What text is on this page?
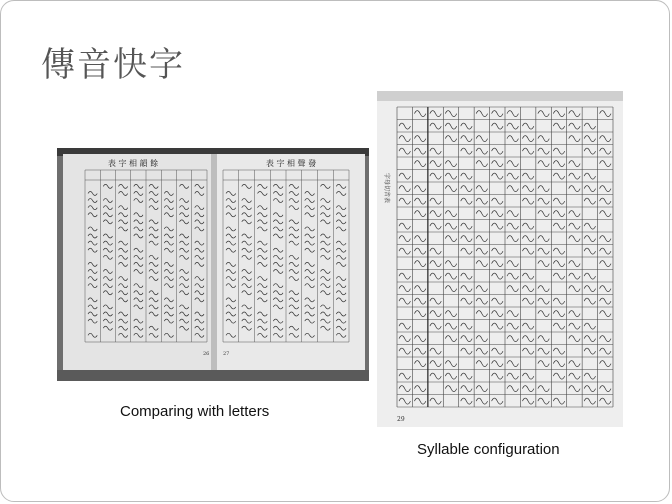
傳音快字
表 字 相 韻 餘	表 字 相 聲 發
26	27
字母切音表
29
Comparing with letters
Syllable configuration
